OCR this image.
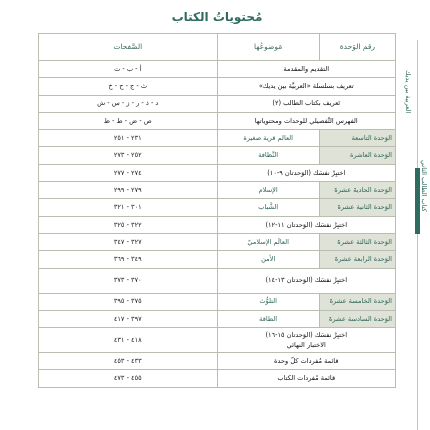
مُحتوياتُ الكتاب
رقم الوَحدة	مَوضوعُها	الصَّفحات
التقديم والمقدمة		أ - ب - ت
تعريف بسلسلة «العربيَّة بين يديك»		ث - ج - ح - خ
تَعريف بكتاب الطالب (٢)		د - ذ - ر - ز - س - ش
الفهرس التَّفصيلي للوحدات ومحتوياتها		ص - ض - ط - ظ
الوَحدة التاسعة	العالم قرية صغيرة	٢٣١ - ٢٥١
الوَحدة العاشرة	النَّظافة	٢٥٢ - ٢٧٣
اختبِرْ نفسَك (الوَحدتان ٩-١٠)		٢٧٤ - ٢٧٧
الوَحدة الحاديةَ عشرةَ	الإسلام	٢٧٩ - ٢٩٩
الوَحدة الثانية عشرةَ	الشَّباب	٣٠١ - ٣٢١
اختبِرْ نفسَك (الوَحدتان ١١-١٢)		٣٢٢ - ٣٢٥
الوَحدة الثالثة عشرةَ	العالَم الإسلاميّ	٣٢٧ - ٣٤٧
الوَحدة الرابعة عشرةَ	الأمن	٣٤٩ - ٣٦٩
اختبِرْ نفسَك (الوَحدتان ١٣-١٤)		٣٧٠ - ٣٧٣
الوَحدة الخامسة عشرةَ	التلوُّث	٣٧٥ - ٣٩٥
الوَحدة السادسة عشرةَ	الطاقة	٣٩٧ - ٤١٧
اختبِرْ نفسَك (الوَحدتان ١٥-١٦)
الاختبار النهائي		٤١٨ - ٤٣١
قائمة مُفردات كلّ وحدة		٤٣٣ - ٤٥٣
قائمة مُفردات الكتاب		٤٥٥ - ٤٧٣
العربية بين يديك
كتاب الطالب الثاني
